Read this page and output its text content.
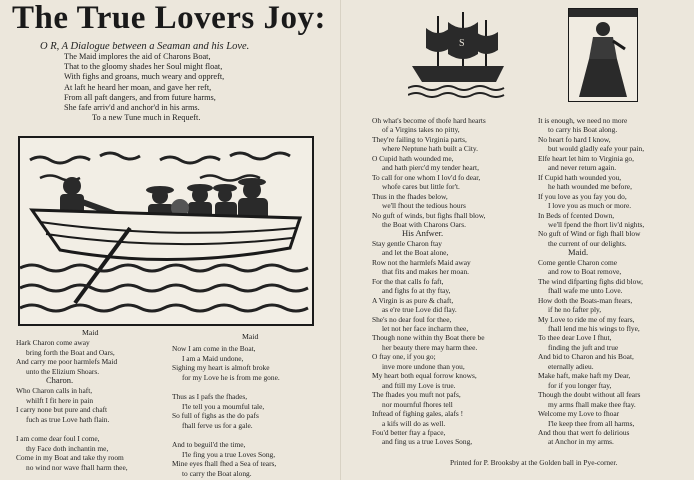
The True Lovers Joy:
O R, A Dialogue between a Seaman and his Love.
The Maid implores the aid of Charons Boat,
That to the gloomy shades her Soul might float,
With fighs and groans, much weary and oppreft,
At laft he heard her moan, and gave her reft,
From all paft dangers, and from future harms,
She fafe arriv'd and anchor'd in his arms.
To a new Tune much in Requeft.
S
Maid
Hark Charon come away
bring forth the Boat and Oars,
And carry me poor harmlefs Maid
unto the Elizium Shoars.
Charon.
Who Charon calls in haft,
whilft I fit here in pain
I carry none but pure and chaft
fuch as true Love hath flain.

I am come dear foul I come,
thy Face doth inchantin me,
Come in my Boat and take thy room
no wind nor wave fhall harm thee,
Maid
Now I am come in the Boat,
I am a Maid undone,
Sighing my heart is almoft broke
for my Love he is from me gone.

Thus as I pafs the fhades,
I'le tell you a mournful tale,
So full of fighs as the do pafs
fhall ferve us for a gale.

And to beguil'd the time,
I'le fing you a true Loves Song,
Mine eyes fhall fhed a Sea of tears,
to carry the Boat along.
Oh what's become of thofe hard hearts
of a Virgins takes no pitty,
They're failing to Virginia parts,
where Neptune hath built a City.
O Cupid hath wounded me,
and hath pierc'd my tender heart,
To call for one whom I lov'd fo dear,
whofe cares but little for't.
Thus in the fhades below,
we'll fhout the tedious hours
No guft of winds, but fighs fhall blow,
the Boat with Charons Oars.
His Anfwer.
Stay gentle Charon ftay
and let the Boat alone,
Row not the harmlefs Maid away
that fits and makes her moan.
For the that calls fo faft,
and fighs fo at thy ftay,
A Virgin is as pure & chaft,
as e're true Love did flay.
She's no dear foul for thee,
let not her face incharm thee,
Though none within thy Boat there be
her beauty there may harm thee.
O ftay one, if you go;
inve more undone than you,
My heart both equal forrow knows,
and ftill my Love is true.
The fhades you muft not pafs,
nor mournful fhores tell
Inftead of fighing gales, alafs !
a kifs will do as well.
Fou'd better ftay a fpace,
and fing us a true Loves Song,
It is enough, we need no more
to carry his Boat along.
No heart fo hard I know,
but would gladly eafe your pain,
Elfe heart let him to Virginia go,
and never return again.
If Cupid hath wounded you,
he hath wounded me before,
If you love as you fay you do,
I love you as much or more.
In Beds of fcented Down,
we'll fpend the fhort liv'd nights,
No guft of Wind or figh fhall blow
the current of our delights.
Maid.
Come gentle Charon come
and row to Boat remove,
The wind difparting fighs did blow,
fhall wafe me unto Love.
How doth the Boats-man ftears,
if he no fafter ply,
My Love to ride me of my fears,
fhall lend me his wings to flye,
To thee dear Love I fhut,
finding the juft and true
And bid to Charon and his Boat,
eternally adieu.
Make haft, make haft my Dear,
for if you longer ftay,
Though the doubt without all fears
my arms fhall make thee ftay.
Welcome my Love to fhoar
I'le keep thee from all harms,
And thou that wert fo delirious
at Anchor in my arms.
Printed for P. Brooksby at the Golden ball in Pye-corner.
